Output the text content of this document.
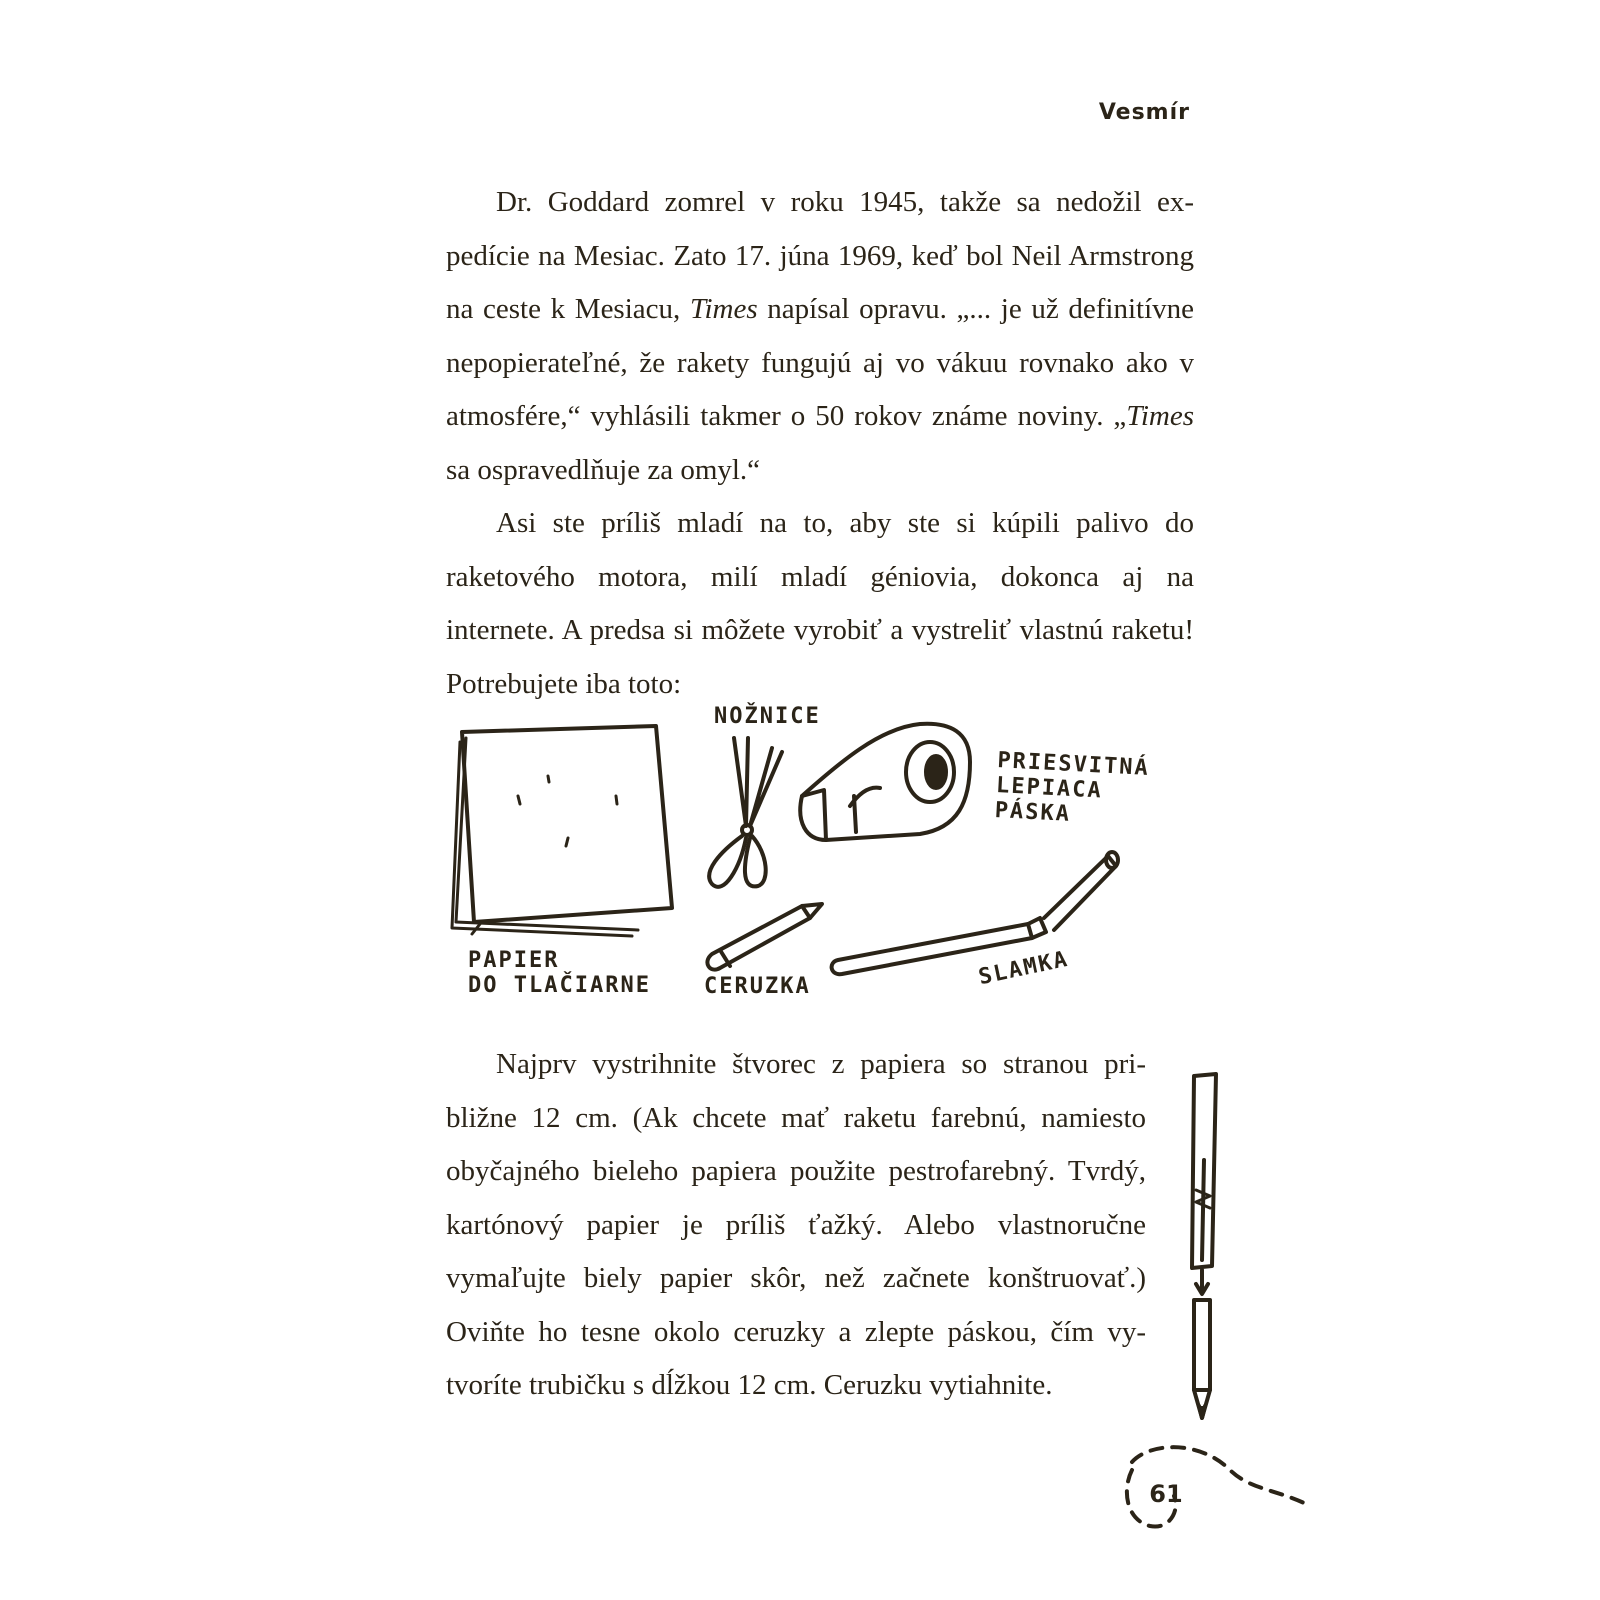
Vesmír

Dr. Goddard zomrel v roku 1945, takže sa nedožil expedície na Mesiac. Zato 17. júna 1969, keď bol Neil Armstrong na ceste k Mesiacu, Times napísal opravu. „... je už definitívne nepopierateľné, že rakety fungujú aj vo vákuu rovnako ako v atmosfére,“ vyhlásili takmer o 50 rokov známe noviny. „Times sa ospravedlňuje za omyl.“

Asi ste príliš mladí na to, aby ste si kúpili palivo do raketového motora, milí mladí géniovia, dokonca aj na internete. A predsa si môžete vyrobiť a vystreliť vlastnú raketu! Potrebujete iba toto:

PAPIER
DO TLAČIARNE
NOŽNICE
PRIESVITNÁ
LEPIACA
PÁSKA
CERUZKA	SLAMKA

Najprv vystrihnite štvorec z papiera so stranou približne 12 cm. (Ak chcete mať raketu farebnú, namiesto obyčajného bieleho papiera použite pestrofarebný. Tvrdý, kartónový papier je príliš ťažký. Alebo vlastnoručne vymaľujte biely papier skôr, než začnete konštruovať.) Oviňte ho tesne okolo ceruzky a zlepte páskou, čím vytvoríte trubičku s dĺžkou 12 cm. Ceruzku vytiahnite.

61
